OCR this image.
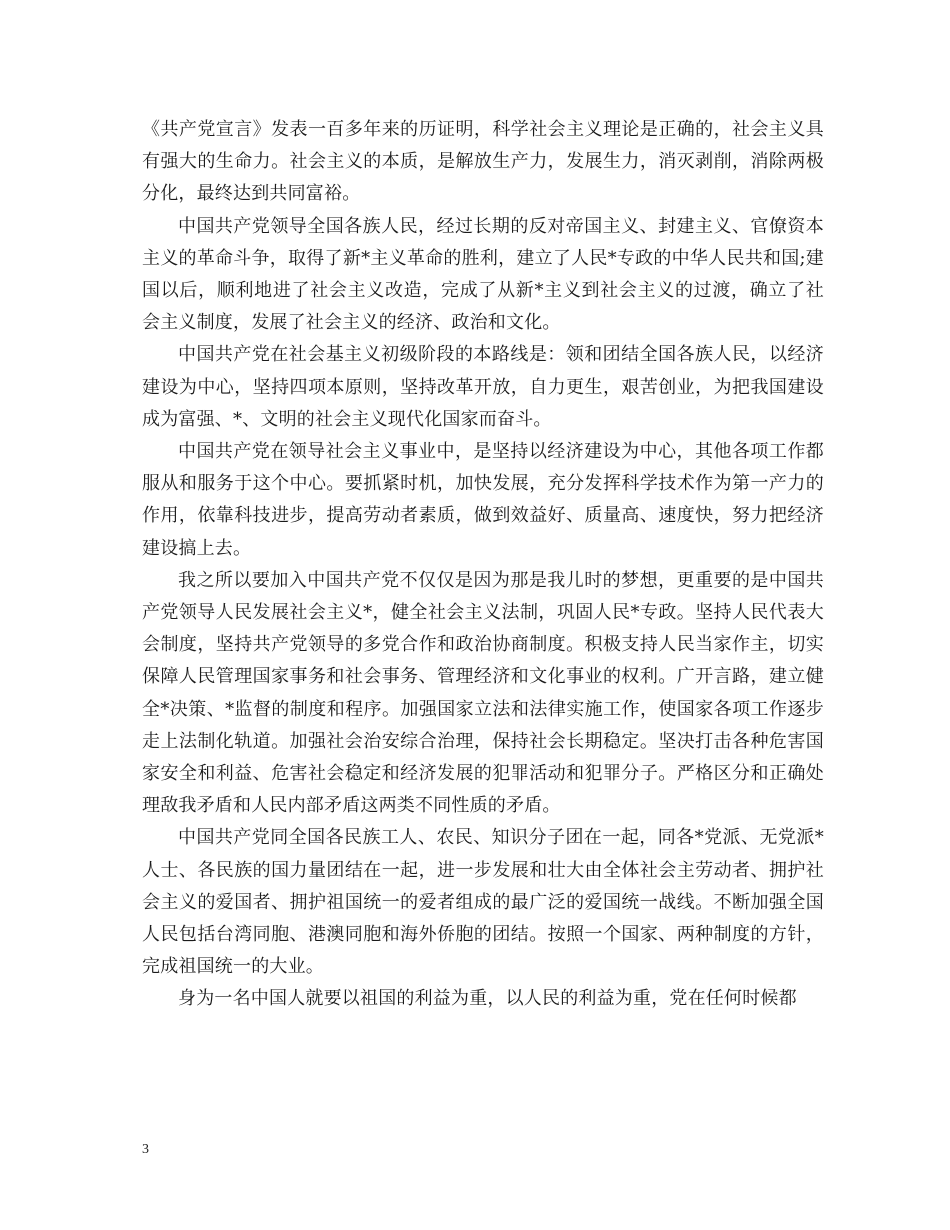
《共产党宣言》发表一百多年来的历证明，科学社会主义理论是正确的，社会主义具有强大的生命力。社会主义的本质，是解放生产力，发展生力，消灭剥削，消除两极分化，最终达到共同富裕。

中国共产党领导全国各族人民，经过长期的反对帝国主义、封建主义、官僚资本主义的革命斗争，取得了新*主义革命的胜利，建立了人民*专政的中华人民共和国;建国以后，顺利地进了社会主义改造，完成了从新*主义到社会主义的过渡，确立了社会主义制度，发展了社会主义的经济、政治和文化。

中国共产党在社会基主义初级阶段的本路线是：领和团结全国各族人民，以经济建设为中心，坚持四项本原则，坚持改革开放，自力更生，艰苦创业，为把我国建设成为富强、*、文明的社会主义现代化国家而奋斗。

中国共产党在领导社会主义事业中，是坚持以经济建设为中心，其他各项工作都服从和服务于这个中心。要抓紧时机，加快发展，充分发挥科学技术作为第一产力的作用，依靠科技进步，提高劳动者素质，做到效益好、质量高、速度快，努力把经济建设搞上去。

我之所以要加入中国共产党不仅仅是因为那是我儿时的梦想，更重要的是中国共产党领导人民发展社会主义*，健全社会主义法制，巩固人民*专政。坚持人民代表大会制度，坚持共产党领导的多党合作和政治协商制度。积极支持人民当家作主，切实保障人民管理国家事务和社会事务、管理经济和文化事业的权利。广开言路，建立健全*决策、*监督的制度和程序。加强国家立法和法律实施工作，使国家各项工作逐步走上法制化轨道。加强社会治安综合治理，保持社会长期稳定。坚决打击各种危害国家安全和利益、危害社会稳定和经济发展的犯罪活动和犯罪分子。严格区分和正确处理敌我矛盾和人民内部矛盾这两类不同性质的矛盾。

中国共产党同全国各民族工人、农民、知识分子团在一起，同各*党派、无党派*人士、各民族的国力量团结在一起，进一步发展和壮大由全体社会主劳动者、拥护社会主义的爱国者、拥护祖国统一的爱者组成的最广泛的爱国统一战线。不断加强全国人民包括台湾同胞、港澳同胞和海外侨胞的团结。按照一个国家、两种制度的方针，完成祖国统一的大业。

身为一名中国人就要以祖国的利益为重，以人民的利益为重，党在任何时候都

3
